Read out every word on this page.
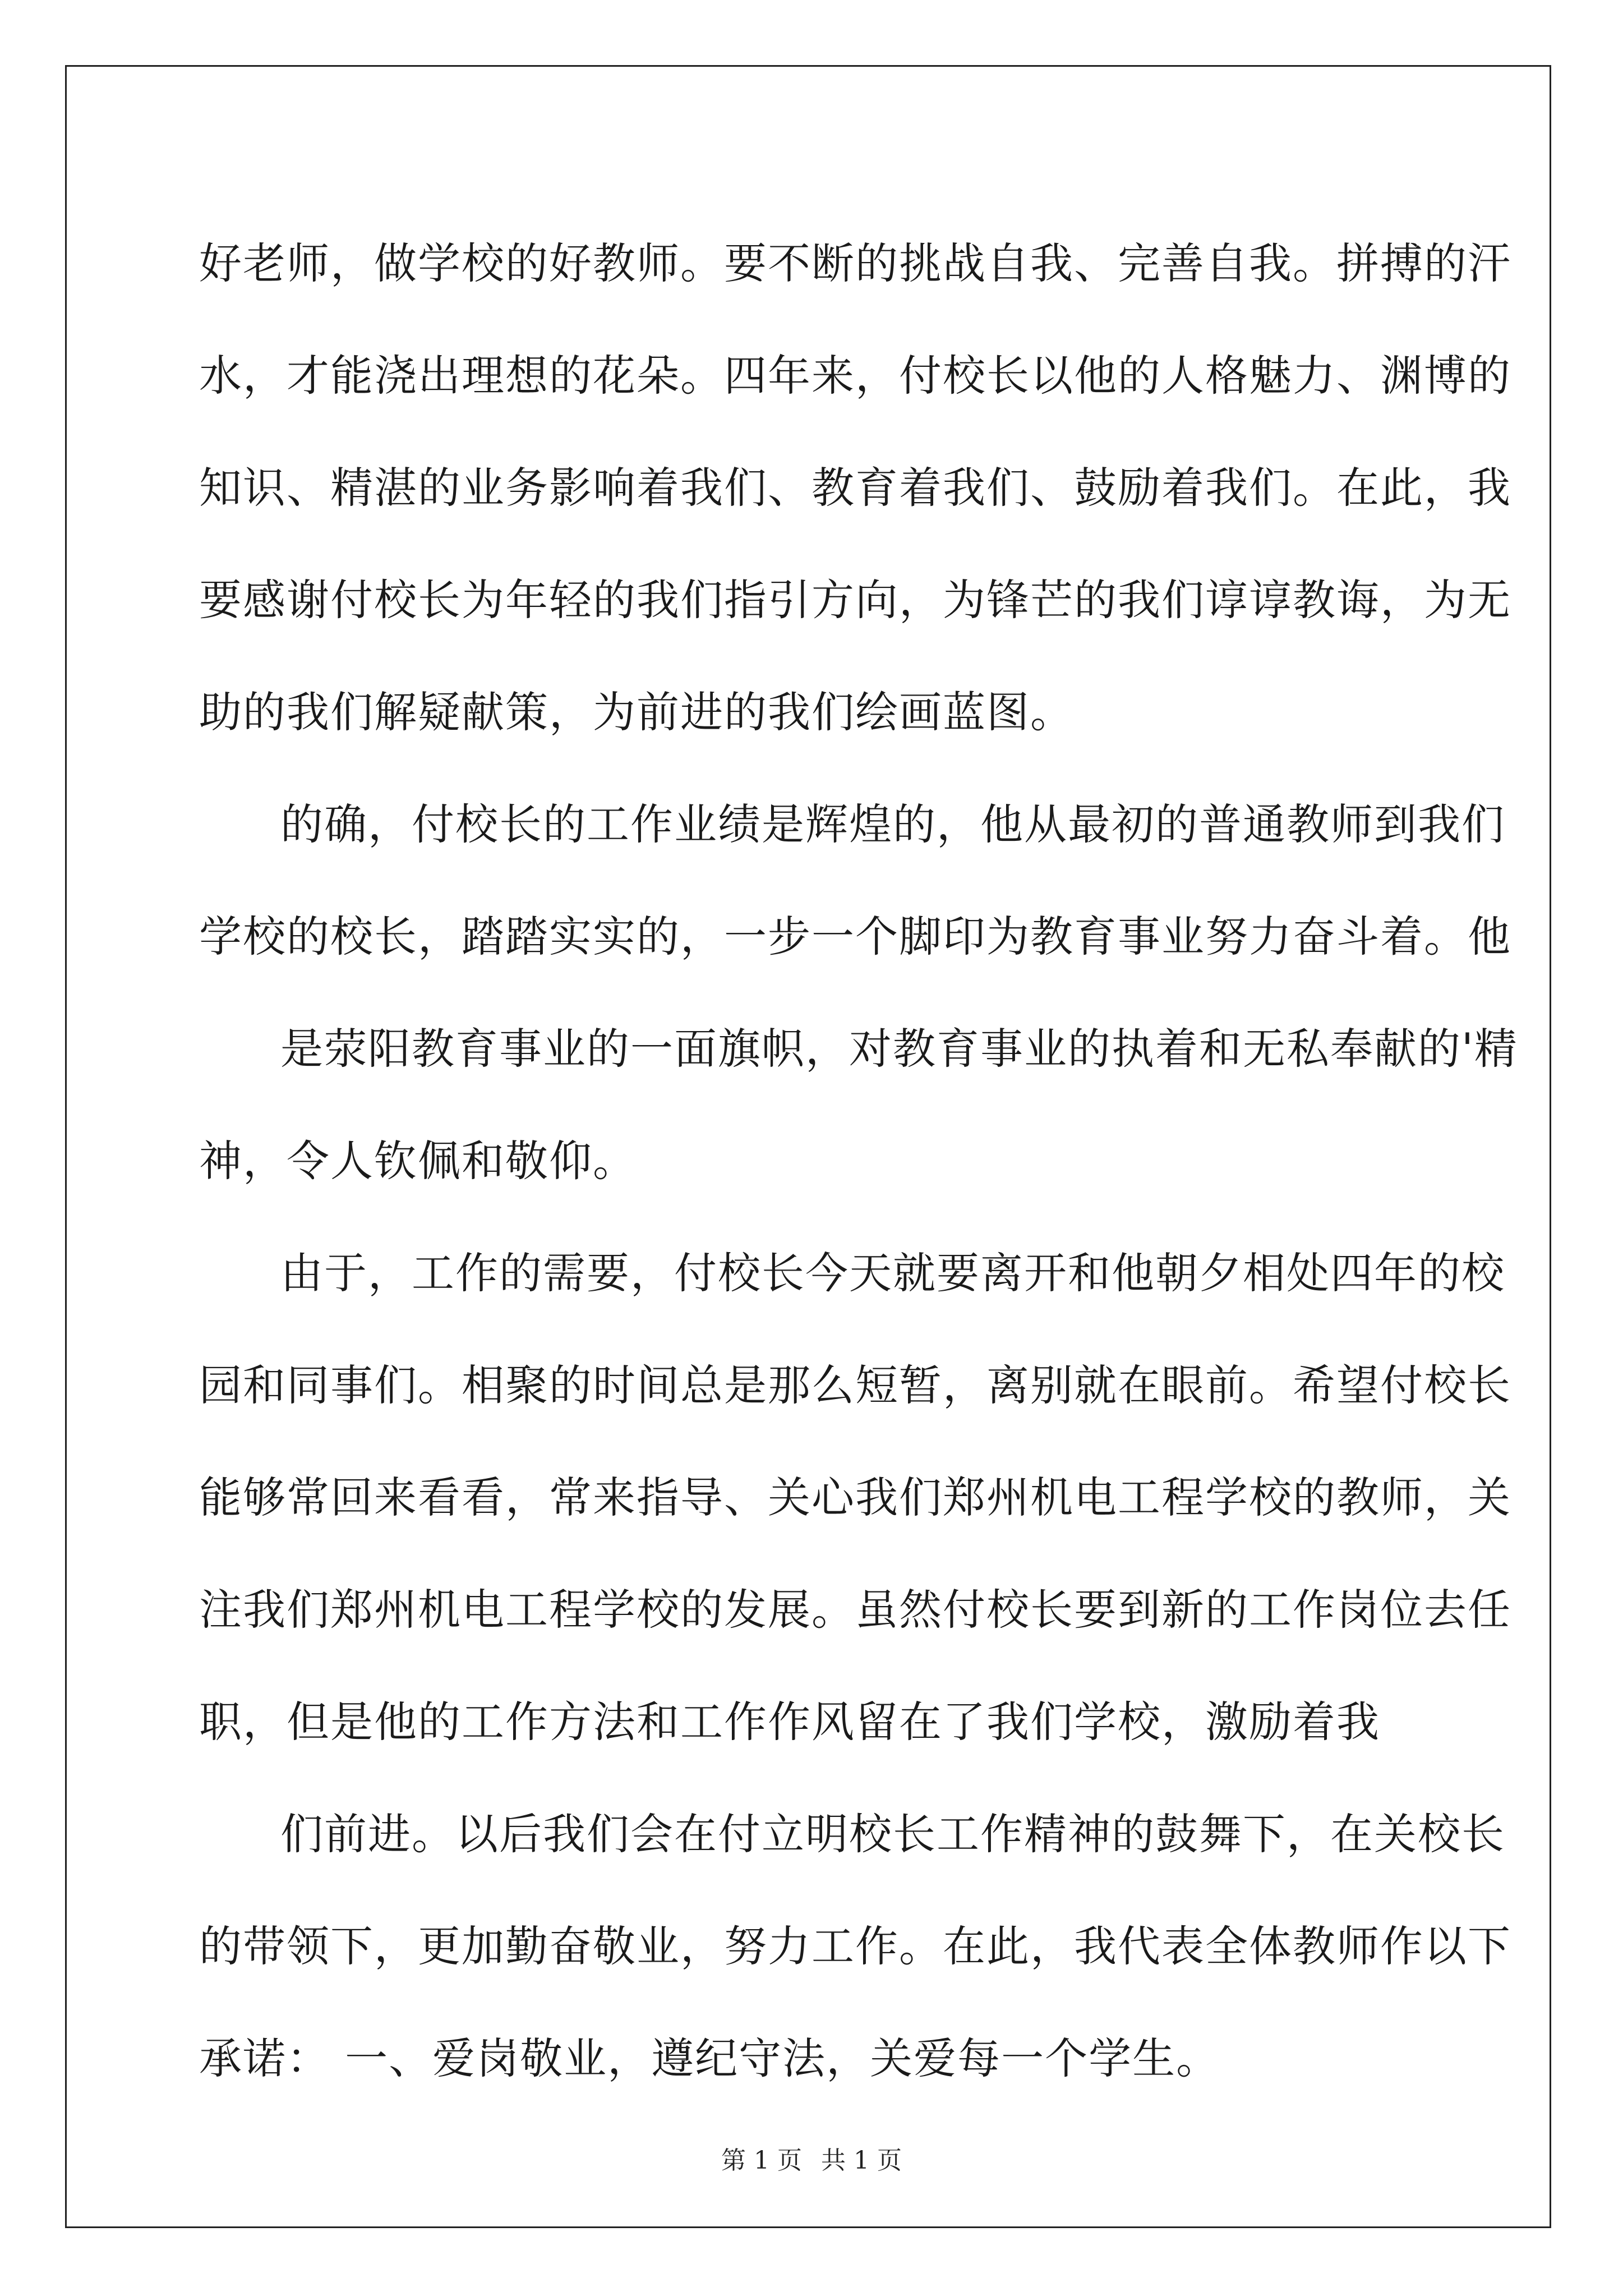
好老师，做学校的好教师。要不断的挑战自我、完善自我。拼搏的汗
水，才能浇出理想的花朵。四年来，付校长以他的人格魅力、渊博的
知识、精湛的业务影响着我们、教育着我们、鼓励着我们。在此，我
要感谢付校长为年轻的我们指引方向，为锋芒的我们谆谆教诲，为无
助的我们解疑献策，为前进的我们绘画蓝图。
的确，付校长的工作业绩是辉煌的，他从最初的普通教师到我们
学校的校长，踏踏实实的，一步一个脚印为教育事业努力奋斗着。他
是荥阳教育事业的一面旗帜，对教育事业的执着和无私奉献的'精
神，令人钦佩和敬仰。
由于，工作的需要，付校长今天就要离开和他朝夕相处四年的校
园和同事们。相聚的时间总是那么短暂，离别就在眼前。希望付校长
能够常回来看看，常来指导、关心我们郑州机电工程学校的教师，关
注我们郑州机电工程学校的发展。虽然付校长要到新的工作岗位去任
职，但是他的工作方法和工作作风留在了我们学校，激励着我
们前进。以后我们会在付立明校长工作精神的鼓舞下，在关校长
的带领下，更加勤奋敬业，努力工作。在此，我代表全体教师作以下
承诺： 一、爱岗敬业，遵纪守法，关爱每一个学生。
第 1 页 共 1 页
